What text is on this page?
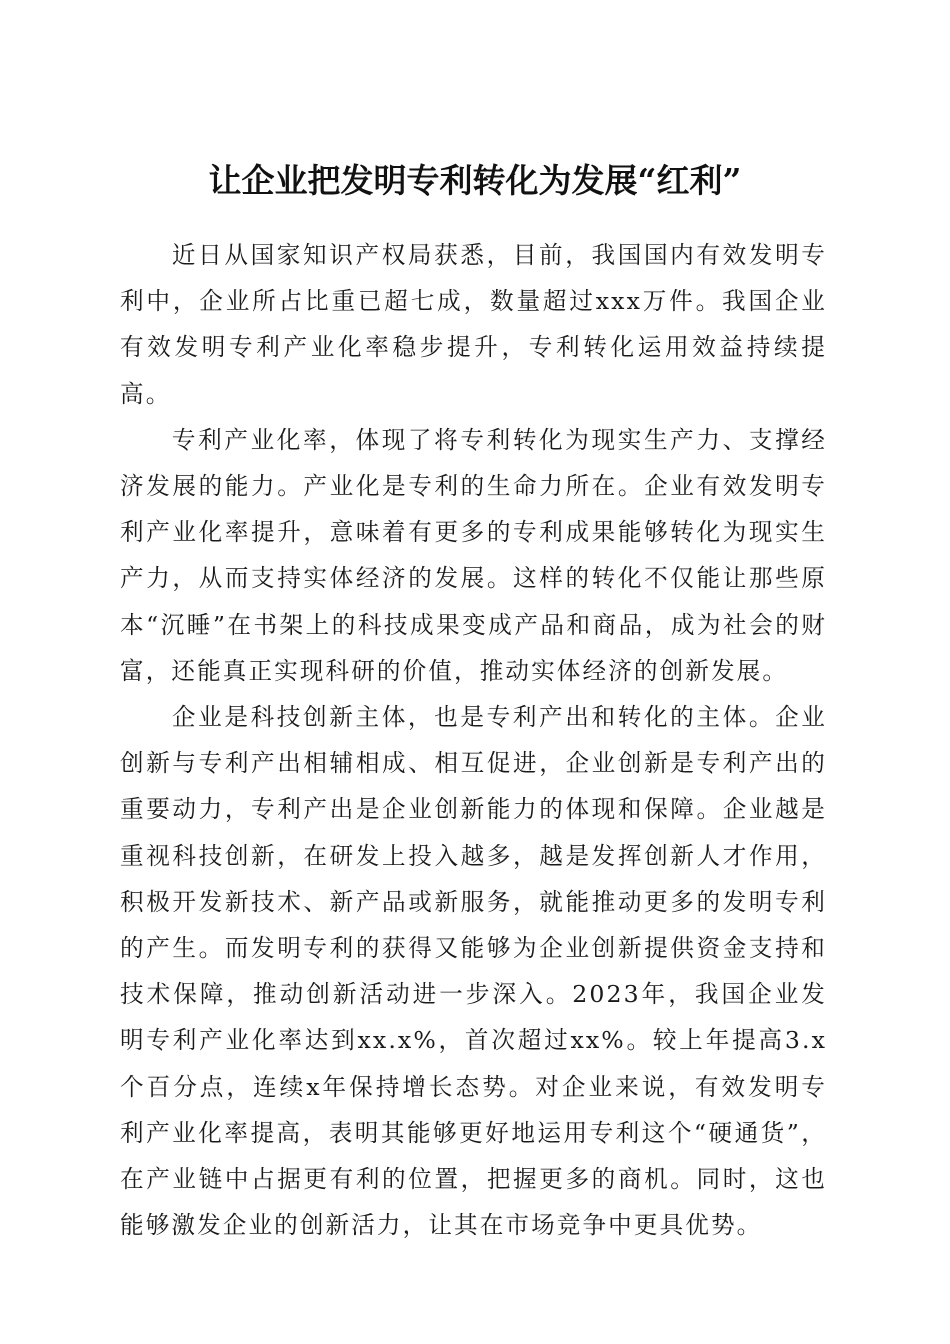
让企业把发明专利转化为发展“红利”

近日从国家知识产权局获悉，目前，我国国内有效发明专利中，企业所占比重已超七成，数量超过xxx万件。我国企业有效发明专利产业化率稳步提升，专利转化运用效益持续提高。

专利产业化率，体现了将专利转化为现实生产力、支撑经济发展的能力。产业化是专利的生命力所在。企业有效发明专利产业化率提升，意味着有更多的专利成果能够转化为现实生产力，从而支持实体经济的发展。这样的转化不仅能让那些原本“沉睡”在书架上的科技成果变成产品和商品，成为社会的财富，还能真正实现科研的价值，推动实体经济的创新发展。

企业是科技创新主体，也是专利产出和转化的主体。企业创新与专利产出相辅相成、相互促进，企业创新是专利产出的重要动力，专利产出是企业创新能力的体现和保障。企业越是重视科技创新，在研发上投入越多，越是发挥创新人才作用，积极开发新技术、新产品或新服务，就能推动更多的发明专利的产生。而发明专利的获得又能够为企业创新提供资金支持和技术保障，推动创新活动进一步深入。2023年，我国企业发明专利产业化率达到xx.x%，首次超过xx%。较上年提高3.x个百分点，连续x年保持增长态势。对企业来说，有效发明专利产业化率提高，表明其能够更好地运用专利这个“硬通货”，在产业链中占据更有利的位置，把握更多的商机。同时，这也能够激发企业的创新活力，让其在市场竞争中更具优势。
